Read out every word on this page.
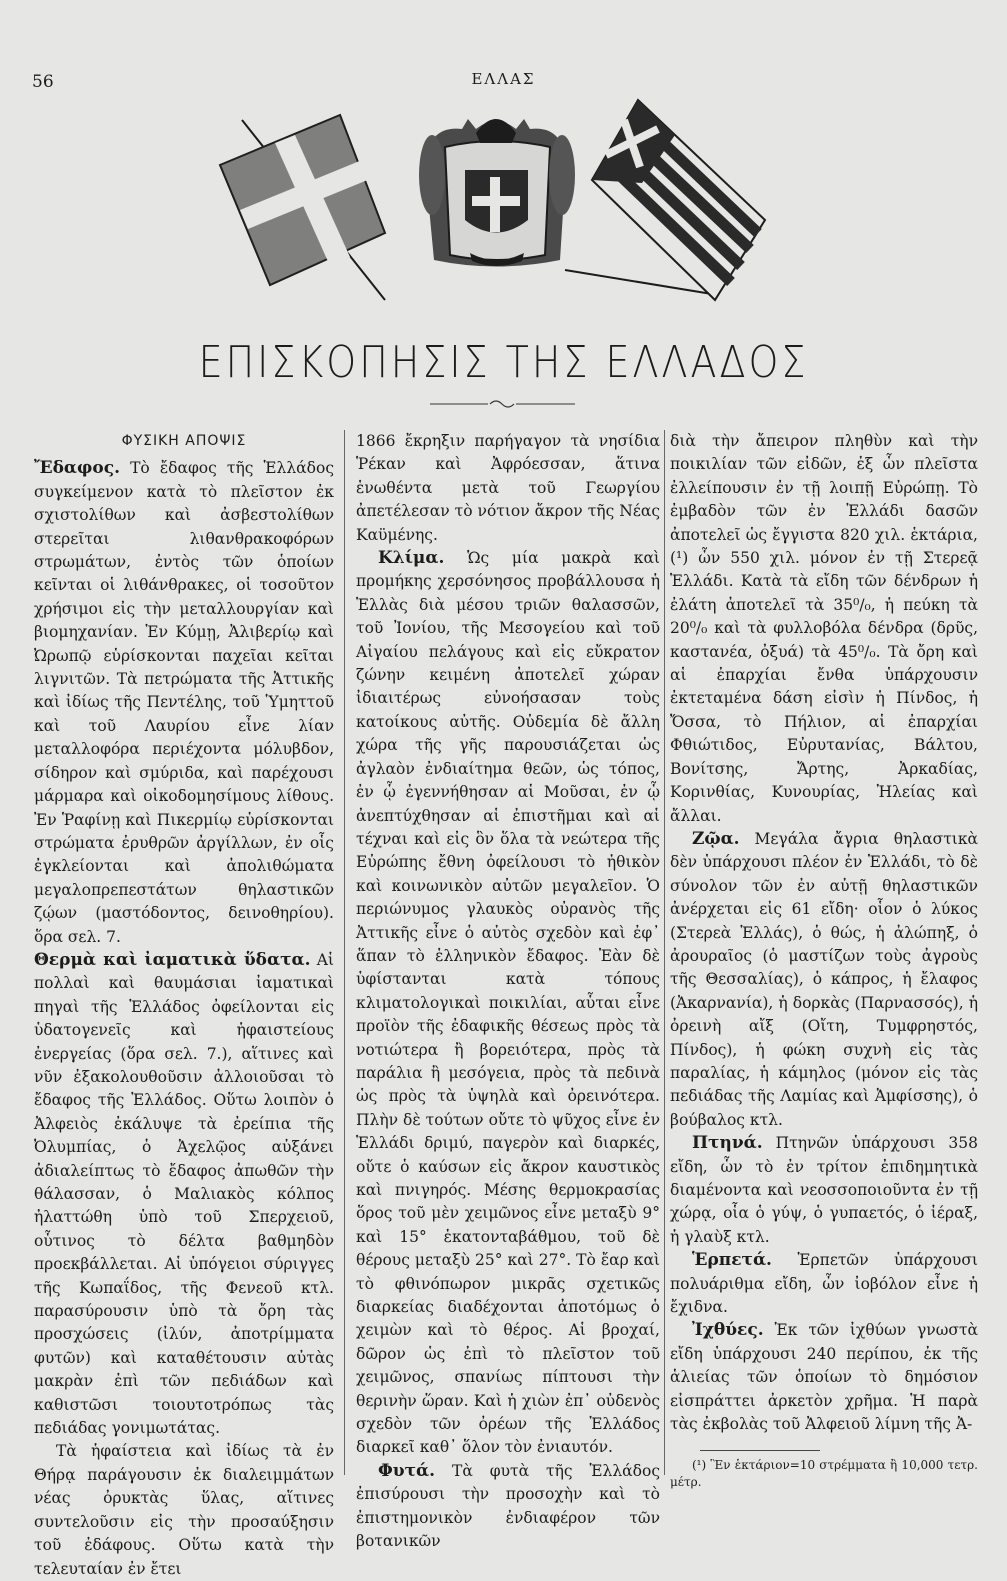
56	ΕΛΛΑΣ
ΕΠΙΣΚΟΠΗΣΙΣ ΤΗΣ ΕΛΛΑΔΟΣ
ΦΥΣΙΚΗ ΑΠΟΨΙΣ

Ἔδαφος. Τὸ ἔδαφος τῆς Ἑλλάδος συγκείμενον κατὰ τὸ πλεῖστον ἐκ σχιστολίθων καὶ ἀσβεστολίθων στερεῖται λιθανθρακοφόρων στρωμάτων, ἐντὸς τῶν ὁποίων κεῖνται οἱ λιθάνθρακες, οἱ τοσοῦτον χρήσιμοι εἰς τὴν μεταλλουργίαν καὶ βιομηχανίαν. Ἐν Κύμῃ, Ἀλιβερίῳ καὶ Ὠρωπῷ εὑρίσκονται παχεῖαι κεῖται λιγνιτῶν. Τὰ πετρώματα τῆς Ἀττικῆς καὶ ἰδίως τῆς Πεντέλης, τοῦ Ὑμηττοῦ καὶ τοῦ Λαυρίου εἶνε λίαν μεταλλοφόρα περιέχοντα μόλυβδον, σίδηρον καὶ σμύριδα, καὶ παρέχουσι μάρμαρα καὶ οἰκοδομησίμους λίθους. Ἐν Ῥαφίνῃ καὶ Πικερμίῳ εὑρίσκονται στρώματα ἐρυθρῶν ἀργίλλων, ἐν οἷς ἐγκλείονται καὶ ἀπολιθώματα μεγαλοπρεπεστάτων θηλαστικῶν ζῴων (μαστόδοντος, δεινοθηρίου). ὅρα σελ. 7.

Θερμὰ καὶ ἰαματικὰ ὕδατα. Αἱ πολλαὶ καὶ θαυμάσιαι ἰαματικαὶ πηγαὶ τῆς Ἑλλάδος ὀφείλονται εἰς ὑδατογενεῖς καὶ ἡφαιστείους ἐνεργείας (ὅρα σελ. 7.), αἵτινες καὶ νῦν ἐξακολουθοῦσιν ἀλλοιοῦσαι τὸ ἔδαφος τῆς Ἑλλάδος. Οὕτω λοιπὸν ὁ Ἀλφειὸς ἐκάλυψε τὰ ἐρείπια τῆς Ὀλυμπίας, ὁ Ἀχελῷος αὐξάνει ἀδιαλείπτως τὸ ἔδαφος ἀπωθῶν τὴν θάλασσαν, ὁ Μαλιακὸς κόλπος ἠλαττώθη ὑπὸ τοῦ Σπερχειοῦ, οὗτινος τὸ δέλτα βαθμηδὸν προεκβάλλεται. Αἱ ὑπόγειοι σύριγγες τῆς Κωπαΐδος, τῆς Φενεοῦ κτλ. παρασύρουσιν ὑπὸ τὰ ὄρη τὰς προσχώσεις (ἰλύν, ἀποτρίμματα φυτῶν) καὶ καταθέτουσιν αὐτὰς μακρὰν ἐπὶ τῶν πεδιάδων καὶ καθιστῶσι τοιουτοτρόπως τὰς πεδιάδας γονιμωτάτας.

Τὰ ἡφαίστεια καὶ ἰδίως τὰ ἐν Θήρᾳ παράγουσιν ἐκ διαλειμμάτων νέας ὀρυκτὰς ὕλας, αἵτινες συντελοῦσιν εἰς τὴν προσαύξησιν τοῦ ἐδάφους. Οὕτω κατὰ τὴν τελευταίαν ἐν ἔτει

1866 ἔκρηξιν παρήγαγον τὰ νησίδια Ῥέκαν καὶ Ἀφρόεσσαν, ἅτινα ἑνωθέντα μετὰ τοῦ Γεωργίου ἀπετέλεσαν τὸ νότιον ἄκρον τῆς Νέας Καϋμένης.

Κλίμα. Ὡς μία μακρὰ καὶ προμήκης χερσόνησος προβάλλουσα ἡ Ἑλλὰς διὰ μέσου τριῶν θαλασσῶν, τοῦ Ἰονίου, τῆς Μεσογείου καὶ τοῦ Αἰγαίου πελάγους καὶ εἰς εὔκρατον ζώνην κειμένη ἀποτελεῖ χώραν ἰδιαιτέρως εὐνοήσασαν τοὺς κατοίκους αὐτῆς. Οὐδεμία δὲ ἄλλη χώρα τῆς γῆς παρουσιάζεται ὡς ἀγλαὸν ἐνδιαίτημα θεῶν, ὡς τόπος, ἐν ᾧ ἐγεννήθησαν αἱ Μοῦσαι, ἐν ᾧ ἀνεπτύχθησαν αἱ ἐπιστῆμαι καὶ αἱ τέχναι καὶ εἰς ὃν ὅλα τὰ νεώτερα τῆς Εὐρώπης ἔθνη ὀφείλουσι τὸ ἠθικὸν καὶ κοινωνικὸν αὐτῶν μεγαλεῖον. Ὁ περιώνυμος γλαυκὸς οὐρανὸς τῆς Ἀττικῆς εἶνε ὁ αὐτὸς σχεδὸν καὶ ἐφ᾽ ἅπαν τὸ ἑλληνικὸν ἔδαφος. Ἐὰν δὲ ὑφίστανται κατὰ τόπους κλιματολογικαὶ ποικιλίαι, αὗται εἶνε προϊὸν τῆς ἐδαφικῆς θέσεως πρὸς τὰ νοτιώτερα ἢ βορειότερα, πρὸς τὰ παράλια ἢ μεσόγεια, πρὸς τὰ πεδινὰ ὡς πρὸς τὰ ὑψηλὰ καὶ ὀρεινότερα. Πλὴν δὲ τούτων οὔτε τὸ ψῦχος εἶνε ἐν Ἑλλάδι δριμύ, παγερὸν καὶ διαρκές, οὔτε ὁ καύσων εἰς ἄκρον καυστικὸς καὶ πνιγηρός. Μέσης θερμοκρασίας ὅρος τοῦ μὲν χειμῶνος εἶνε μεταξὺ 9° καὶ 15° ἑκατονταβάθμου, τοῦ δὲ θέρους μεταξὺ 25° καὶ 27°. Τὸ ἔαρ καὶ τὸ φθινόπωρον μικρᾶς σχετικῶς διαρκείας διαδέχονται ἀποτόμως ὁ χειμὼν καὶ τὸ θέρος. Αἱ βροχαί, δῶρον ὡς ἐπὶ τὸ πλεῖστον τοῦ χειμῶνος, σπανίως πίπτουσι τὴν θερινὴν ὥραν. Καὶ ἡ χιὼν ἐπ᾽ οὐδενὸς σχεδὸν τῶν ὀρέων τῆς Ἑλλάδος διαρκεῖ καθ᾽ ὅλον τὸν ἐνιαυτόν.

Φυτά. Τὰ φυτὰ τῆς Ἑλλάδος ἐπισύρουσι τὴν προσοχὴν καὶ τὸ ἐπιστημονικὸν ἐνδιαφέρον τῶν βοτανικῶν

διὰ τὴν ἄπειρον πληθὺν καὶ τὴν ποικιλίαν τῶν εἰδῶν, ἐξ ὧν πλεῖστα ἐλλείπουσιν ἐν τῇ λοιπῇ Εὐρώπῃ. Τὸ ἐμβαδὸν τῶν ἐν Ἑλλάδι δασῶν ἀποτελεῖ ὡς ἔγγιστα 820 χιλ. ἑκτάρια, (¹) ὧν 550 χιλ. μόνον ἐν τῇ Στερεᾷ Ἑλλάδι. Κατὰ τὰ εἴδη τῶν δένδρων ἡ ἐλάτη ἀποτελεῖ τὰ 35⁰/₀, ἡ πεύκη τὰ 20⁰/₀ καὶ τὰ φυλλοβόλα δένδρα (δρῦς, καστανέα, ὀξυά) τὰ 45⁰/₀. Τὰ ὄρη καὶ αἱ ἐπαρχίαι ἔνθα ὑπάρχουσιν ἐκτεταμένα δάση εἰσὶν ἡ Πίνδος, ἡ Ὄσσα, τὸ Πήλιον, αἱ ἐπαρχίαι Φθιώτιδος, Εὐρυτανίας, Βάλτου, Βονίτσης, Ἄρτης, Ἀρκαδίας, Κορινθίας, Κυνουρίας, Ἠλείας καὶ ἄλλαι.

Ζῷα. Μεγάλα ἄγρια θηλαστικὰ δὲν ὑπάρχουσι πλέον ἐν Ἑλλάδι, τὸ δὲ σύνολον τῶν ἐν αὐτῇ θηλαστικῶν ἀνέρχεται εἰς 61 εἴδη· οἷον ὁ λύκος (Στερεὰ Ἑλλάς), ὁ θώς, ἡ ἀλώπηξ, ὁ ἀρουραῖος (ὁ μαστίζων τοὺς ἀγροὺς τῆς Θεσσαλίας), ὁ κάπρος, ἡ ἔλαφος (Ἀκαρνανία), ἡ δορκὰς (Παρνασσός), ἡ ὀρεινὴ αἴξ (Οἴτη, Τυμφρηστός, Πίνδος), ἡ φώκη συχνὴ εἰς τὰς παραλίας, ἡ κάμηλος (μόνον εἰς τὰς πεδιάδας τῆς Λαμίας καὶ Ἀμφίσσης), ὁ βούβαλος κτλ.

Πτηνά. Πτηνῶν ὑπάρχουσι 358 εἴδη, ὧν τὸ ἐν τρίτον ἐπιδημητικὰ διαμένοντα καὶ νεοσσοποιοῦντα ἐν τῇ χώρᾳ, οἷα ὁ γύψ, ὁ γυπαετός, ὁ ἱέραξ, ἡ γλαὺξ κτλ.

Ἑρπετά. Ἑρπετῶν ὑπάρχουσι πολυάριθμα εἴδη, ὧν ἰοβόλον εἶνε ἡ ἔχιδνα.

Ἰχθύες. Ἐκ τῶν ἰχθύων γνωστὰ εἴδη ὑπάρχουσι 240 περίπου, ἐκ τῆς ἁλιείας τῶν ὁποίων τὸ δημόσιον εἰσπράττει ἀρκετὸν χρῆμα. Ἡ παρὰ τὰς ἐκβολὰς τοῦ Ἀλφειοῦ λίμνη τῆς Ἀ-

(¹) Ἓν ἑκτάριον=10 στρέμματα ἢ 10,000 τετρ. μέτρ.
